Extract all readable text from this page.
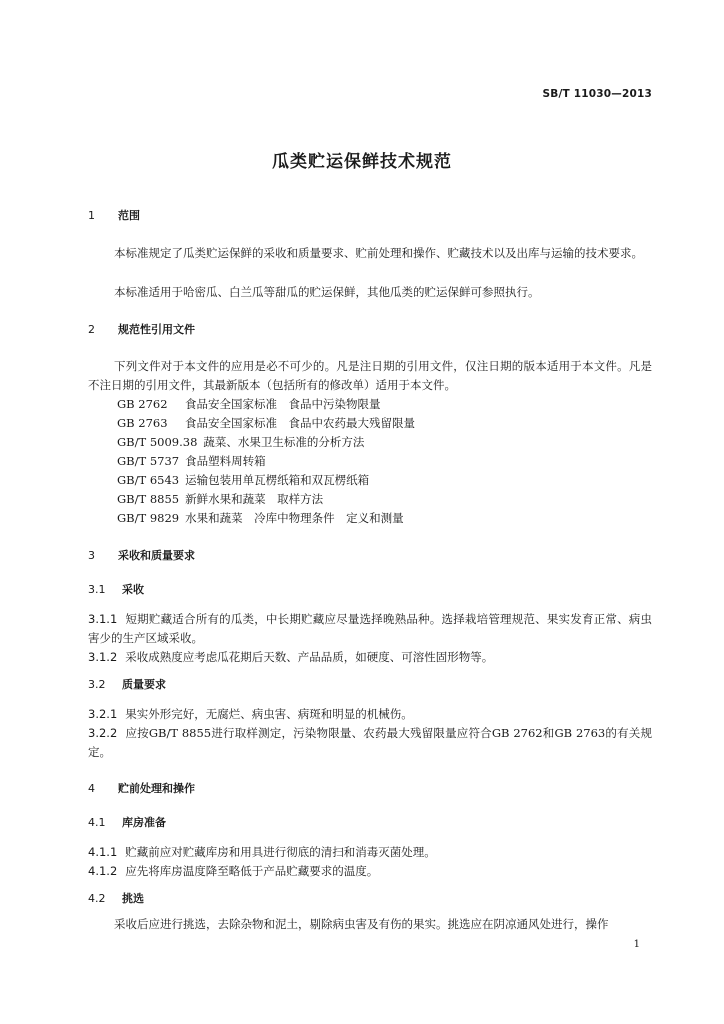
SB/T 11030—2013
瓜类贮运保鲜技术规范
1 范围
本标准规定了瓜类贮运保鲜的采收和质量要求、贮前处理和操作、贮藏技术以及出库与运输的技术要求。
本标准适用于哈密瓜、白兰瓜等甜瓜的贮运保鲜，其他瓜类的贮运保鲜可参照执行。
2 规范性引用文件
下列文件对于本文件的应用是必不可少的。凡是注日期的引用文件，仅注日期的版本适用于本文件。凡是不注日期的引用文件，其最新版本（包括所有的修改单）适用于本文件。
GB 2762 食品安全国家标准　食品中污染物限量
GB 2763 食品安全国家标准　食品中农药最大残留限量
GB/T 5009.38 蔬菜、水果卫生标准的分析方法
GB/T 5737 食品塑料周转箱
GB/T 6543 运输包装用单瓦楞纸箱和双瓦楞纸箱
GB/T 8855 新鲜水果和蔬菜　取样方法
GB/T 9829 水果和蔬菜　冷库中物理条件　定义和测量
3 采收和质量要求
3.1 采收
3.1.1 短期贮藏适合所有的瓜类，中长期贮藏应尽量选择晚熟品种。选择栽培管理规范、果实发育正常、病虫害少的生产区域采收。
3.1.2 采收成熟度应考虑瓜花期后天数、产品品质，如硬度、可溶性固形物等。
3.2 质量要求
3.2.1 果实外形完好，无腐烂、病虫害、病斑和明显的机械伤。
3.2.2 应按GB/T 8855进行取样测定，污染物限量、农药最大残留限量应符合GB 2762和GB 2763的有关规定。
4 贮前处理和操作
4.1 库房准备
4.1.1 贮藏前应对贮藏库房和用具进行彻底的清扫和消毒灭菌处理。
4.1.2 应先将库房温度降至略低于产品贮藏要求的温度。
4.2 挑选
采收后应进行挑选，去除杂物和泥土，剔除病虫害及有伤的果实。挑选应在阴凉通风处进行，操作
1
